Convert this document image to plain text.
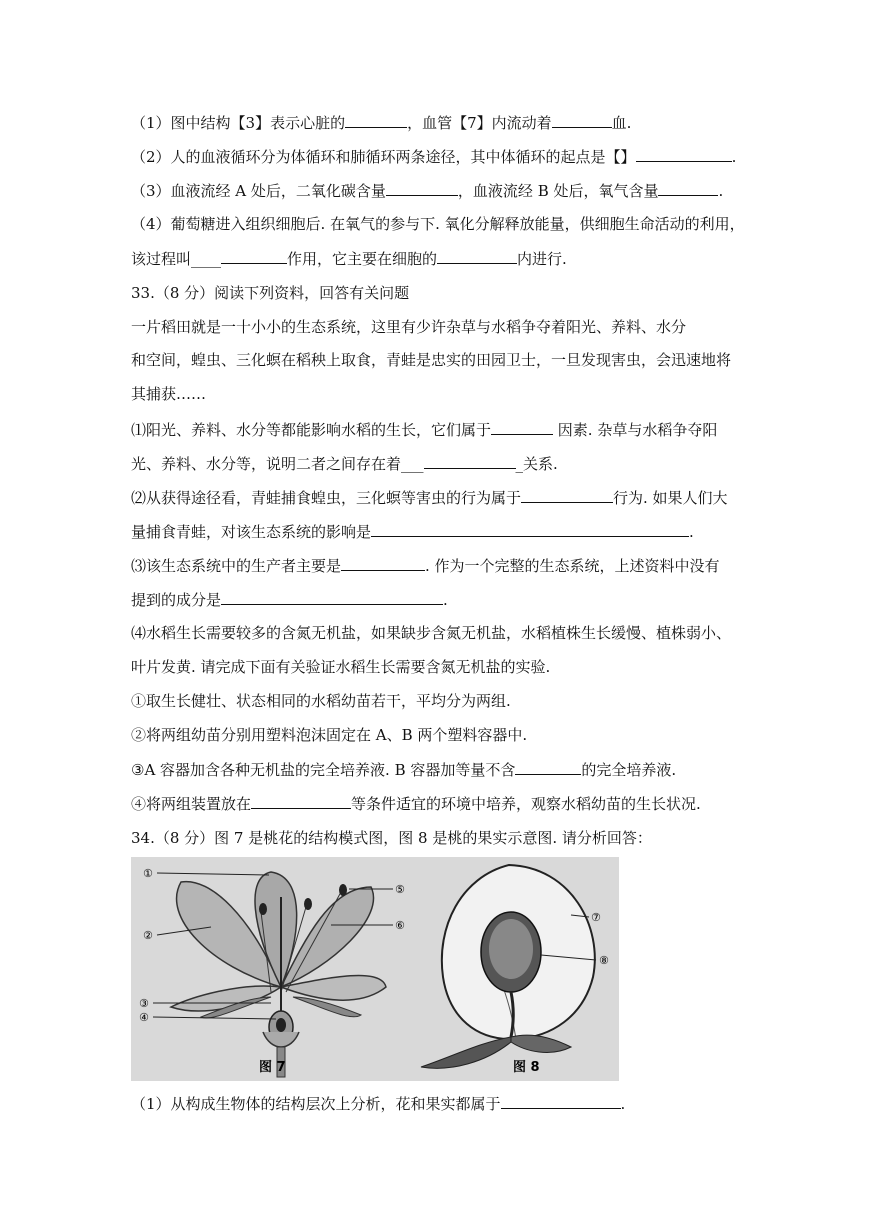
（1）图中结构【3】表示心脏的	，血管【7】内流动着	血.
（2）人的血液循环分为体循环和肺循环两条途径，其中体循环的起点是【】	.
（3）血液流经 A 处后，二氧化碳含量	，血液流经 B 处后，氧气含量	.
（4）葡萄糖进入组织细胞后. 在氧气的参与下. 氧化分解释放能量，供细胞生命活动的利用，
该过程叫____	作用，它主要在细胞的	内进行.
33.（8 分）阅读下列资料，回答有关问题
一片稻田就是一十小小的生态系统，这里有少许杂草与水稻争夺着阳光、养料、水分
和空间，蝗虫、三化螟在稻秧上取食，青蛙是忠实的田园卫士，一旦发现害虫，会迅速地将
其捕获……
⑴阳光、养料、水分等都能影响水稻的生长，它们属于	因素. 杂草与水稻争夺阳
光、养料、水分等，说明二者之间存在着___	_关系.
⑵从获得途径看，青蛙捕食蝗虫，三化螟等害虫的行为属于	行为. 如果人们大
量捕食青蛙，对该生态系统的影响是	.
⑶该生态系统中的生产者主要是	. 作为一个完整的生态系统，上述资料中没有
提到的成分是	.
⑷水稻生长需要较多的含氮无机盐，如果缺步含氮无机盐，水稻植株生长缓慢、植株弱小、
叶片发黄. 请完成下面有关验证水稻生长需要含氮无机盐的实验.
①取生长健壮、状态相同的水稻幼苗若干，平均分为两组.
②将两组幼苗分别用塑料泡沫固定在 A、B 两个塑料容器中.
③A 容器加含各种无机盐的完全培养液. B 容器加等量不含	的完全培养液.
④将两组装置放在	等条件适宜的环境中培养，观察水稻幼苗的生长状况.
34.（8 分）图 7 是桃花的结构模式图，图 8 是桃的果实示意图. 请分析回答：
①
②
③
④
⑤
⑥
图 7
⑦
⑧
图 8
（1）从构成生物体的结构层次上分析，花和果实都属于	.
